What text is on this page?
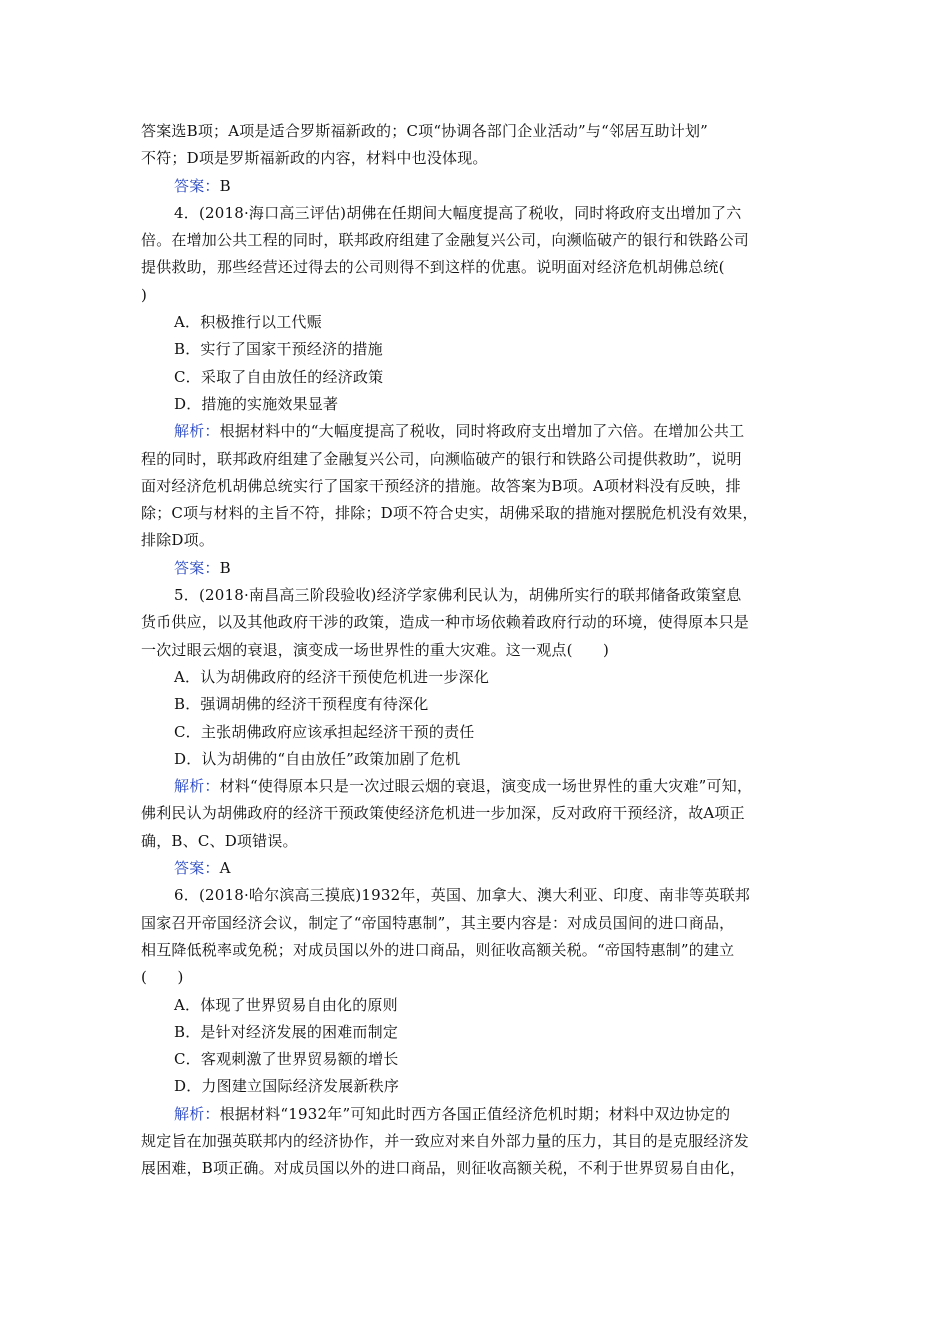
答案选B项；A项是适合罗斯福新政的；C项“协调各部门企业活动”与“邻居互助计划”
不符；D项是罗斯福新政的内容，材料中也没体现。
答案：B
4．(2018·海口高三评估)胡佛在任期间大幅度提高了税收，同时将政府支出增加了六
倍。在增加公共工程的同时，联邦政府组建了金融复兴公司，向濒临破产的银行和铁路公司
提供救助，那些经营还过得去的公司则得不到这样的优惠。说明面对经济危机胡佛总统(
)
A．积极推行以工代赈
B．实行了国家干预经济的措施
C．采取了自由放任的经济政策
D．措施的实施效果显著
解析：根据材料中的“大幅度提高了税收，同时将政府支出增加了六倍。在增加公共工
程的同时，联邦政府组建了金融复兴公司，向濒临破产的银行和铁路公司提供救助”，说明
面对经济危机胡佛总统实行了国家干预经济的措施。故答案为B项。A项材料没有反映，排
除；C项与材料的主旨不符，排除；D项不符合史实，胡佛采取的措施对摆脱危机没有效果，
排除D项。
答案：B
5．(2018·南昌高三阶段验收)经济学家佛利民认为，胡佛所实行的联邦储备政策窒息
货币供应，以及其他政府干涉的政策，造成一种市场依赖着政府行动的环境，使得原本只是
一次过眼云烟的衰退，演变成一场世界性的重大灾难。这一观点(　　)
A．认为胡佛政府的经济干预使危机进一步深化
B．强调胡佛的经济干预程度有待深化
C．主张胡佛政府应该承担起经济干预的责任
D．认为胡佛的“自由放任”政策加剧了危机
解析：材料“使得原本只是一次过眼云烟的衰退，演变成一场世界性的重大灾难”可知，
佛利民认为胡佛政府的经济干预政策使经济危机进一步加深，反对政府干预经济，故A项正
确，B、C、D项错误。
答案：A
6．(2018·哈尔滨高三摸底)1932年，英国、加拿大、澳大利亚、印度、南非等英联邦
国家召开帝国经济会议，制定了“帝国特惠制”，其主要内容是：对成员国间的进口商品，
相互降低税率或免税；对成员国以外的进口商品，则征收高额关税。“帝国特惠制”的建立
(　　)
A．体现了世界贸易自由化的原则
B．是针对经济发展的困难而制定
C．客观刺激了世界贸易额的增长
D．力图建立国际经济发展新秩序
解析：根据材料“1932年”可知此时西方各国正值经济危机时期；材料中双边协定的
规定旨在加强英联邦内的经济协作，并一致应对来自外部力量的压力，其目的是克服经济发
展困难，B项正确。对成员国以外的进口商品，则征收高额关税，不利于世界贸易自由化，
